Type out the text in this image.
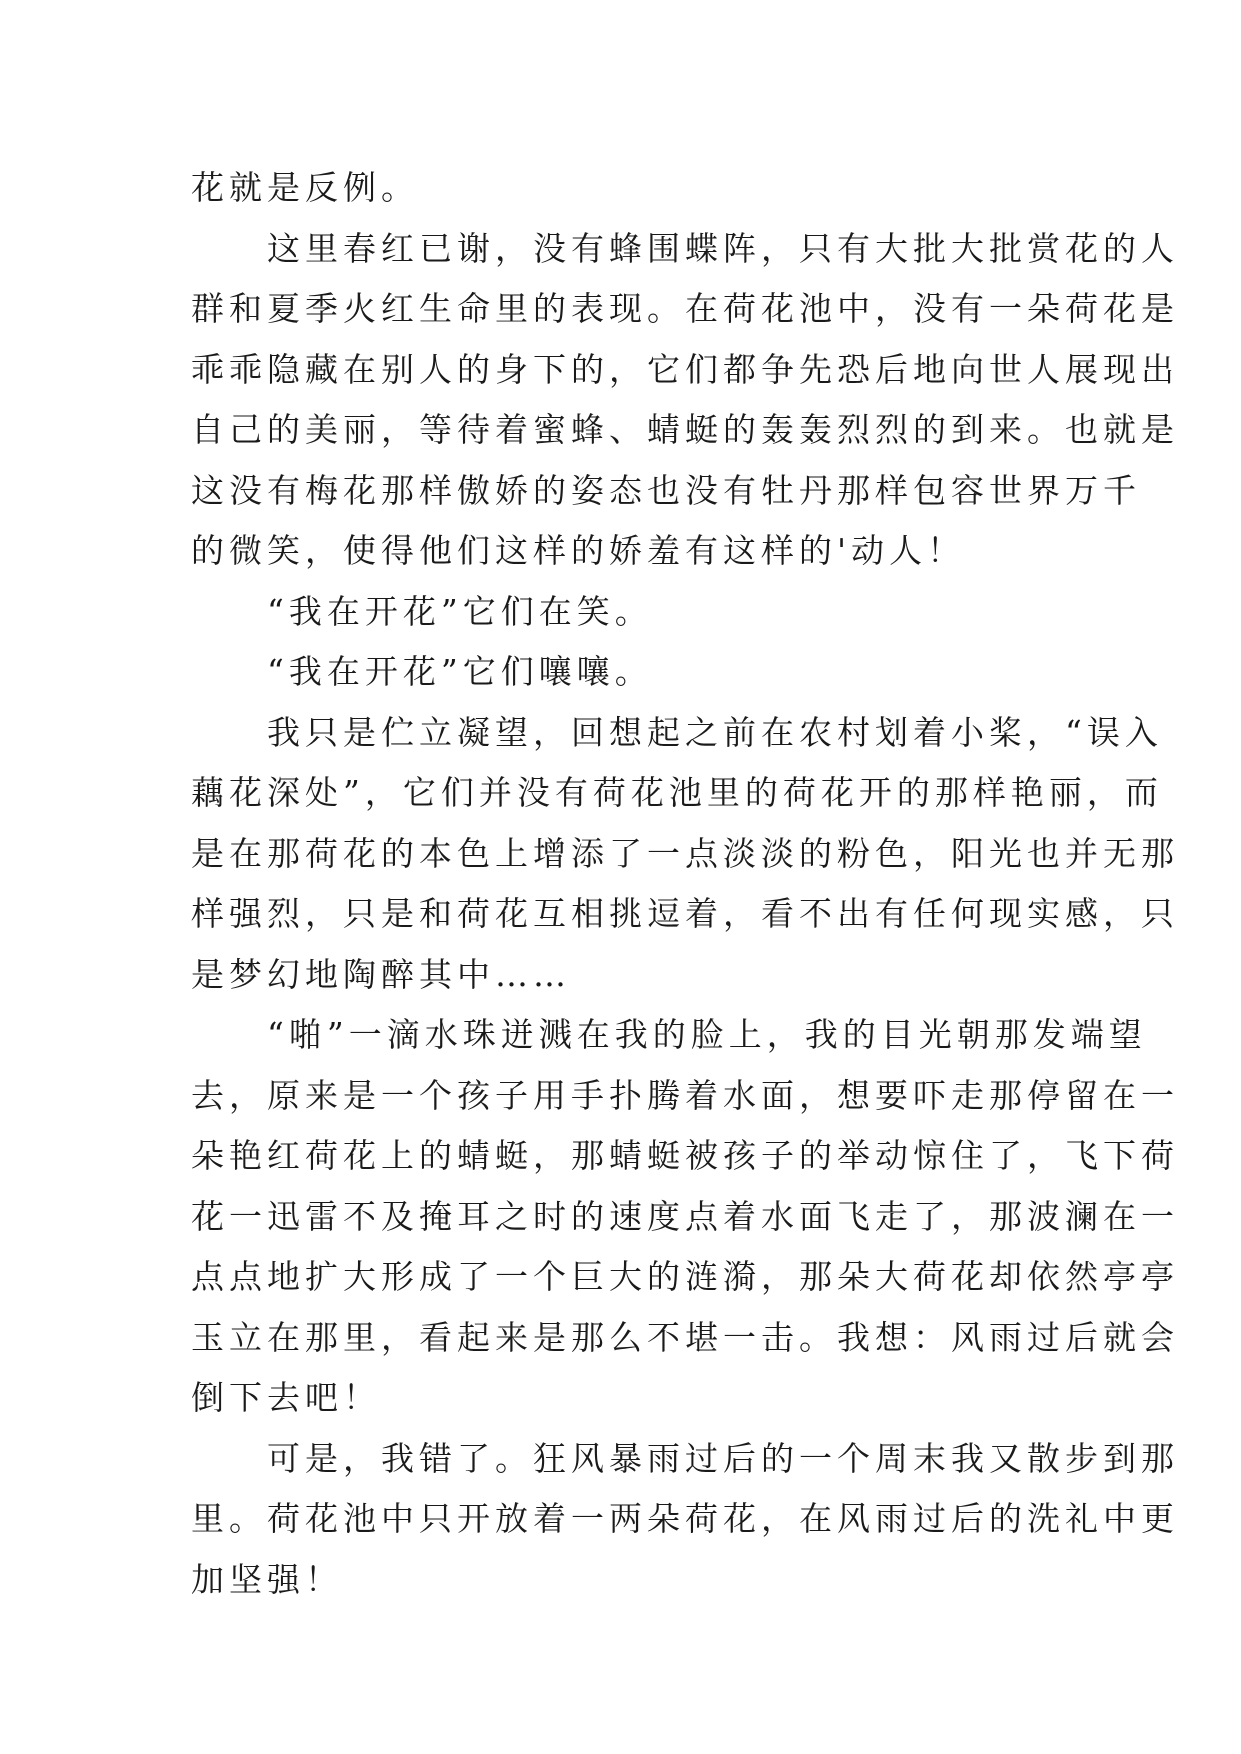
花就是反例。
　　这里春红已谢，没有蜂围蝶阵，只有大批大批赏花的人
群和夏季火红生命里的表现。在荷花池中，没有一朵荷花是
乖乖隐藏在别人的身下的，它们都争先恐后地向世人展现出
自己的美丽，等待着蜜蜂、蜻蜓的轰轰烈烈的到来。也就是
这没有梅花那样傲娇的姿态也没有牡丹那样包容世界万千
的微笑，使得他们这样的娇羞有这样的'动人！
　　“我在开花”它们在笑。
　　“我在开花”它们嚷嚷。
　　我只是伫立凝望，回想起之前在农村划着小桨，“误入
藕花深处”，它们并没有荷花池里的荷花开的那样艳丽，而
是在那荷花的本色上增添了一点淡淡的粉色，阳光也并无那
样强烈，只是和荷花互相挑逗着，看不出有任何现实感，只
是梦幻地陶醉其中……
　　“啪”一滴水珠迸溅在我的脸上，我的目光朝那发端望
去，原来是一个孩子用手扑腾着水面，想要吓走那停留在一
朵艳红荷花上的蜻蜓，那蜻蜓被孩子的举动惊住了，飞下荷
花一迅雷不及掩耳之时的速度点着水面飞走了，那波澜在一
点点地扩大形成了一个巨大的涟漪，那朵大荷花却依然亭亭
玉立在那里，看起来是那么不堪一击。我想：风雨过后就会
倒下去吧！
　　可是，我错了。狂风暴雨过后的一个周末我又散步到那
里。荷花池中只开放着一两朵荷花，在风雨过后的洗礼中更
加坚强！
